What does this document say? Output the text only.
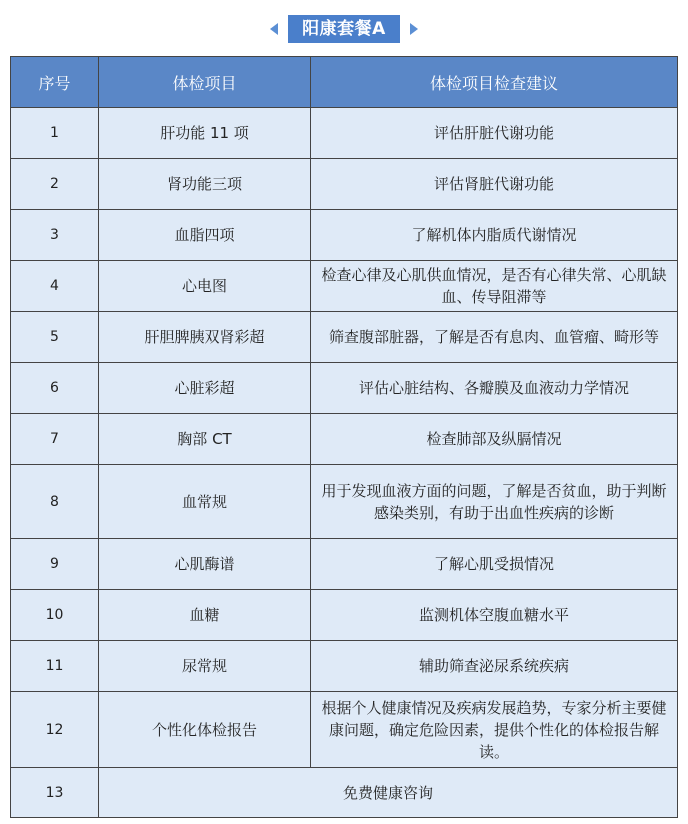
阳康套餐A
序号	体检项目	体检项目检查建议
1	肝功能 11 项	评估肝脏代谢功能
2	肾功能三项	评估肾脏代谢功能
3	血脂四项	了解机体内脂质代谢情况
4	心电图	检查心律及心肌供血情况，是否有心律失常、心肌缺血、传导阻滞等
5	肝胆脾胰双肾彩超	筛查腹部脏器，了解是否有息肉、血管瘤、畸形等
6	心脏彩超	评估心脏结构、各瓣膜及血液动力学情况
7	胸部 CT	检查肺部及纵膈情况
8	血常规	用于发现血液方面的问题，了解是否贫血，助于判断感染类别，有助于出血性疾病的诊断
9	心肌酶谱	了解心肌受损情况
10	血糖	监测机体空腹血糖水平
11	尿常规	辅助筛查泌尿系统疾病
12	个性化体检报告	根据个人健康情况及疾病发展趋势，专家分析主要健康问题，确定危险因素，提供个性化的体检报告解读。
13	免费健康咨询	
